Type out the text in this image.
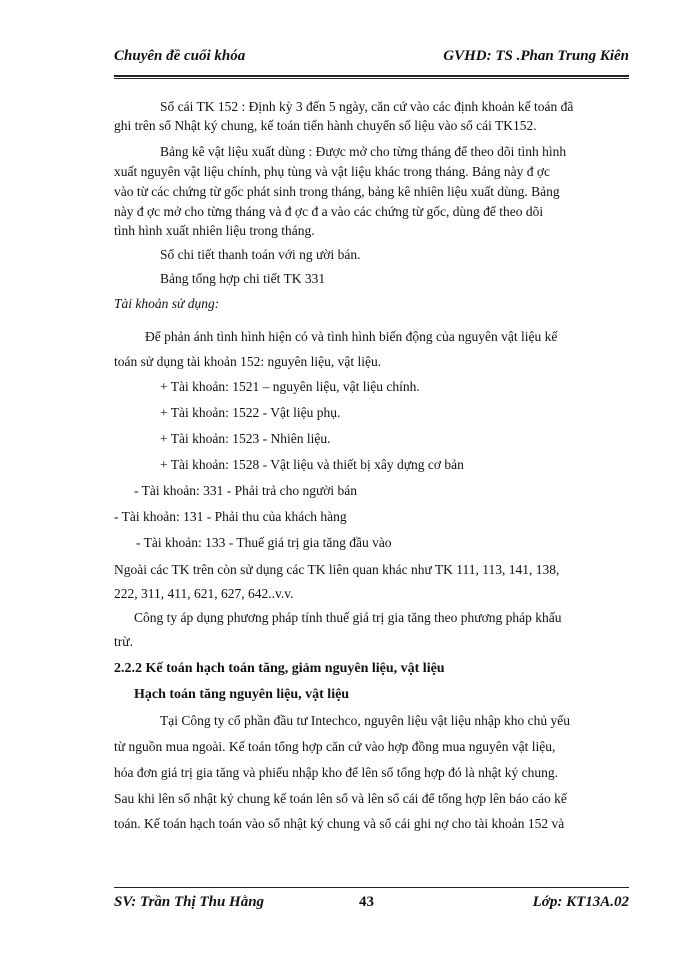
Chuyên đề cuối khóa	GVHD: TS .Phan Trung Kiên
Sổ cái TK 152 : Định kỳ 3 đến 5 ngày, căn cứ vào các định khoản kế toán đã
ghi trên sổ Nhật ký chung, kế toán tiến hành chuyển số liệu vào sổ cái TK152.
Bảng kê vật liệu xuất dùng : Được mở cho từng tháng để theo dõi tình hình
xuất nguyên vật liệu chính, phụ tùng và vật liệu khác trong tháng. Bảng này đ ợc
vào từ các chứng từ gốc phát sinh trong tháng, bảng kê nhiên liệu xuất dùng. Bảng
này đ ợc mở cho từng tháng và đ ợc đ a vào các chứng từ gốc, dùng để theo dõi
tình hình xuất nhiên liệu trong tháng.
Sổ chi tiết thanh toán với ng ười bán.
Bảng tổng hợp chi tiết TK 331
Tài khoản sử dụng:
Để phản ánh tình hình hiện có và tình hình biến động của nguyên vật liệu kế
toán sử dụng tài khoản 152: nguyên liệu, vật liệu.
+ Tài khoản: 1521 – nguyên liệu, vật liệu chính.
+ Tài khoản: 1522 - Vật liệu phụ.
+ Tài khoản: 1523 - Nhiên liệu.
+ Tài khoản: 1528 - Vật liệu và thiết bị xây dựng cơ bản
- Tài khoản: 331 - Phải trả cho người bán
- Tài khoản: 131 - Phải thu của khách hàng
- Tài khoản: 133 - Thuế giá trị gia tăng đầu vào
Ngoài các TK trên còn sử dụng các TK liên quan khác như TK 111, 113, 141, 138,
222, 311, 411, 621, 627, 642..v.v.
Công ty áp dụng phương pháp tính thuế giá trị gia tăng theo phương pháp khấu
trừ.
2.2.2 Kế toán hạch toán tăng, giảm nguyên liệu, vật liệu
Hạch toán tăng nguyên liệu, vật liệu
Tại Công ty cổ phần đầu tư Intechco, nguyên liệu vật liệu nhập kho chủ yếu
từ nguồn mua ngoài. Kế toán tổng hợp căn cứ vào hợp đồng mua nguyên vật liệu,
hóa đơn giá trị gia tăng và phiếu nhập kho để lên sổ tổng hợp đó là nhật ký chung.
Sau khi lên sổ nhật ký chung kế toán lên sổ và lên sổ cái để tổng hợp lên báo cáo kế
toán. Kế toán hạch toán vào sổ nhật ký chung và sổ cái ghi nợ cho tài khoản 152 và
SV: Trần Thị Thu Hằng	43	Lớp: KT13A.02
